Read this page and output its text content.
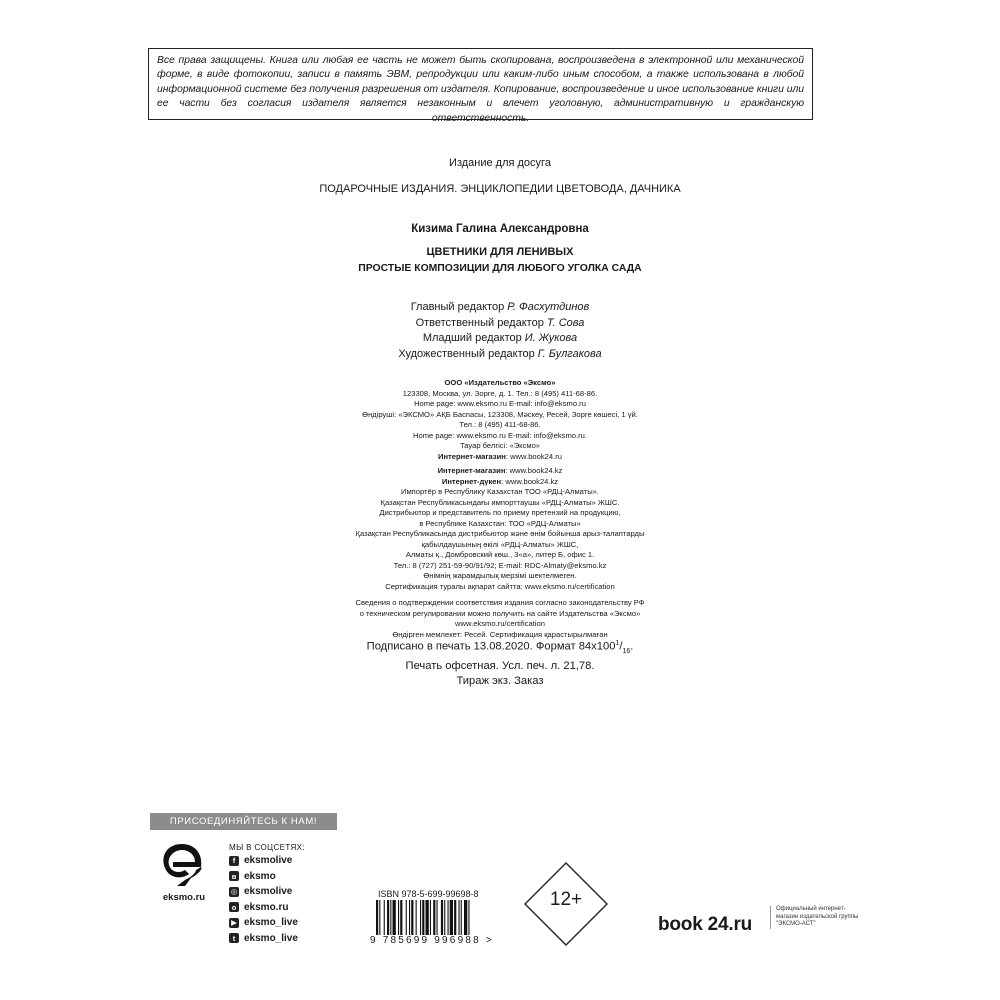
Все права защищены. Книга или любая ее часть не может быть скопирована, воспроизведена в электронной или механической форме, в виде фотокопии, записи в память ЭВМ, репродукции или каким-либо иным способом, а также использована в любой информационной системе без получения разрешения от издателя. Копирование, воспроизведение и иное использование книги или ее части без согласия издателя является незаконным и влечет уголовную, административную и гражданскую ответственность.

Издание для досуга
ПОДАРОЧНЫЕ ИЗДАНИЯ. ЭНЦИКЛОПЕДИИ ЦВЕТОВОДА, ДАЧНИКА
Кизима Галина Александровна
ЦВЕТНИКИ ДЛЯ ЛЕНИВЫХ
ПРОСТЫЕ КОМПОЗИЦИИ ДЛЯ ЛЮБОГО УГОЛКА САДА
Главный редактор Р. Фасхутдинов
Ответственный редактор Т. Сова
Младший редактор И. Жукова
Художественный редактор Г. Булгакова
ООО «Издательство «Эксмо»
123308, Москва, ул. Зорге, д. 1. Тел.: 8 (495) 411-68-86.
Home page: www.eksmo.ru E-mail: info@eksmo.ru
Өндіруші: «ЭКСМО» АҚБ Баспасы, 123308, Мәскеу, Ресей, Зорге көшесі, 1 үй.
Тел.: 8 (495) 411-68-86.
Home page: www.eksmo.ru E-mail: info@eksmo.ru.
Тауар белгісі: «Эксмо»
Интернет-магазин: www.book24.ru
Интернет-магазин: www.book24.kz
Интернет-дүкен: www.book24.kz
Импортёр в Республику Казахстан ТОО «РДЦ-Алматы».
Қазақстан Республикасындағы импорттаушы «РДЦ-Алматы» ЖШС.
Дистрибьютор и представитель по приему претензий на продукцию,
в Республике Казахстан: ТОО «РДЦ-Алматы»
Қазақстан Республикасында дистрибьютор және өнім бойынша арыз-талаптарды
қабылдаушының өкілі «РДЦ-Алматы» ЖШС,
Алматы қ., Домбровский көш., 3«а», литер Б, офис 1.
Тел.: 8 (727) 251-59-90/91/92; E-mail: RDC-Almaty@eksmo.kz
Өнімнің жарамдылық мерзімі шектелмеген.
Сертификация туралы ақпарат сайтта: www.eksmo.ru/certification
Сведения о подтверждении соответствия издания согласно законодательству РФ
о техническом регулировании можно получить на сайте Издательства «Эксмо»
www.eksmo.ru/certification
Өндірген мемлекет: Ресей. Сертификация қарастырылмаған
Подписано в печать 13.08.2020. Формат $84x100^1/_{16}$.
Печать офсетная. Усл. печ. л. 21,78.
Тираж экз. Заказ
ПРИСОЕДИНЯЙТЕСЬ К НАМ!
eksmo.ru
МЫ В СОЦСЕТЯХ:
f eksmolive
в eksmo
◎ eksmolive
о eksmo.ru
▶ eksmo_live
t eksmo_live
ISBN 978-5-699-99698-8
9 785699 996988 >
12+
book 24.ru
Официальный интернет-магазин издательской группы "ЭКСМО-АСТ"
